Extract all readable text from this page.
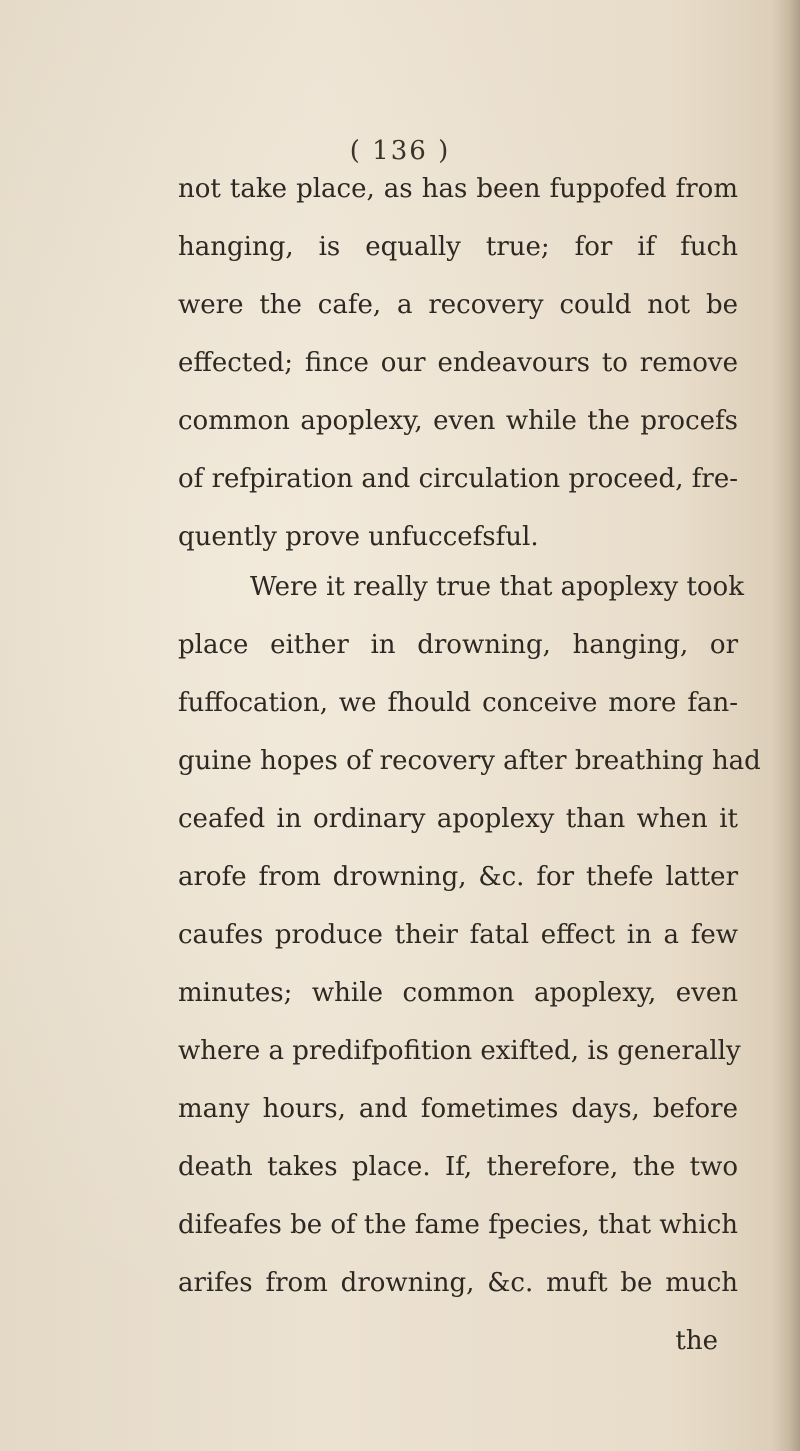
( 136 )
not take place, as has been fuppofed from
hanging, is equally true; for if fuch
were the cafe, a recovery could not be
effected; fince our endeavours to remove
common apoplexy, even while the procefs
of refpiration and circulation proceed, fre-
quently prove unfuccefsful.
Were it really true that apoplexy took
place either in drowning, hanging, or
fuffocation, we fhould conceive more fan-
guine hopes of recovery after breathing had
ceafed in ordinary apoplexy than when it
arofe from drowning, &c. for thefe latter
caufes produce their fatal effect in a few
minutes; while common apoplexy, even
where a predifpofition exifted, is generally
many hours, and fometimes days, before
death takes place. If, therefore, the two
difeafes be of the fame fpecies, that which
arifes from drowning, &c. muft be much
the
